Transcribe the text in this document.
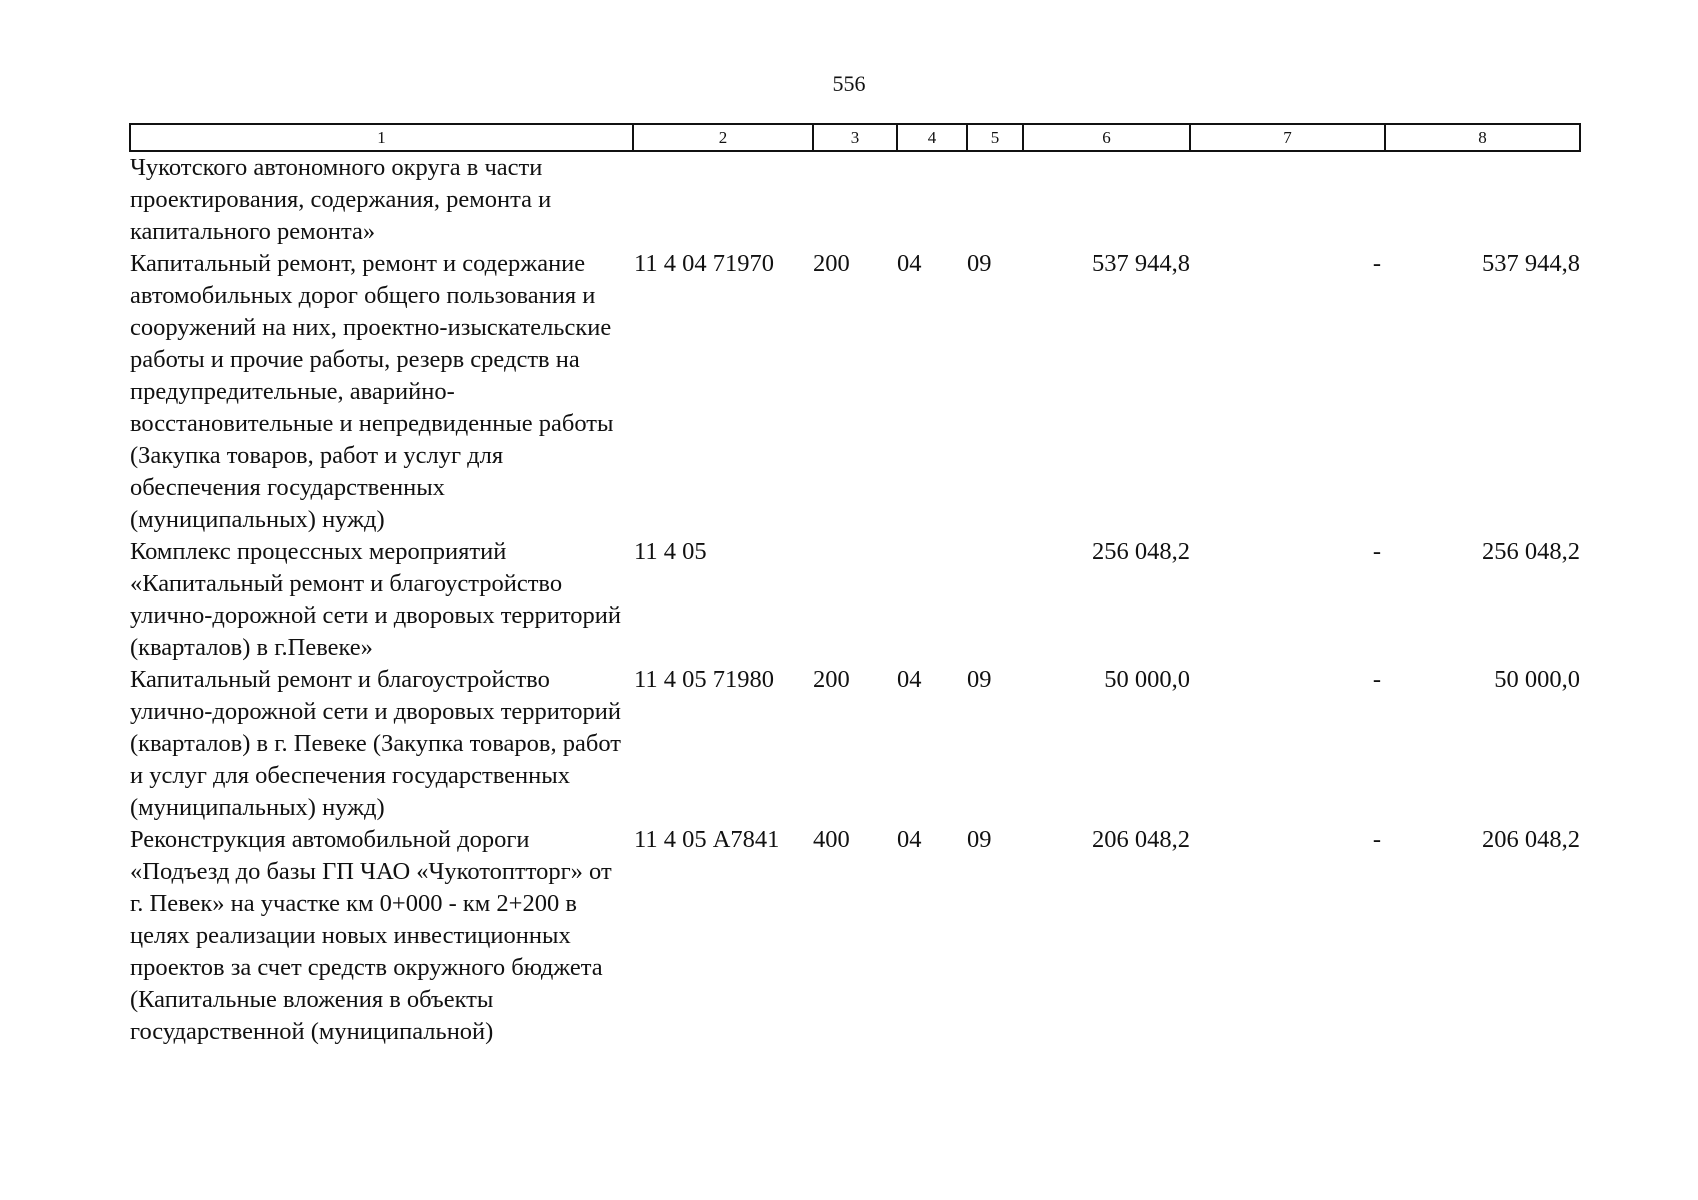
556
1	2	3	4	5	6	7	8
Чукотского автономного округа в части проектирования, содержания, ремонта и капитального ремонта»							
Капитальный ремонт, ремонт и содержание автомобильных дорог общего пользования и сооружений на них, проектно-изыскательские работы и прочие работы, резерв средств на предупредительные, аварийно-восстановительные и непредвиденные работы (Закупка товаров, работ и услуг для обеспечения государственных (муниципальных) нужд)	11 4 04 71970	200	04	09	537 944,8	-	537 944,8
Комплекс процессных мероприятий «Капитальный ремонт и благоустройство улично-дорожной сети и дворовых территорий (кварталов) в г.Певеке»	11 4 05				256 048,2	-	256 048,2
Капитальный ремонт и благоустройство улично-дорожной сети и дворовых территорий (кварталов) в г. Певеке (Закупка товаров, работ и услуг для обеспечения государственных (муниципальных) нужд)	11 4 05 71980	200	04	09	50 000,0	-	50 000,0
Реконструкция автомобильной дороги «Подъезд до базы ГП ЧАО «Чукотоптторг» от г. Певек» на участке км 0+000 - км 2+200 в целях реализации новых инвестиционных проектов за счет средств окружного бюджета (Капитальные вложения в объекты государственной (муниципальной)	11 4 05 А7841	400	04	09	206 048,2	-	206 048,2
